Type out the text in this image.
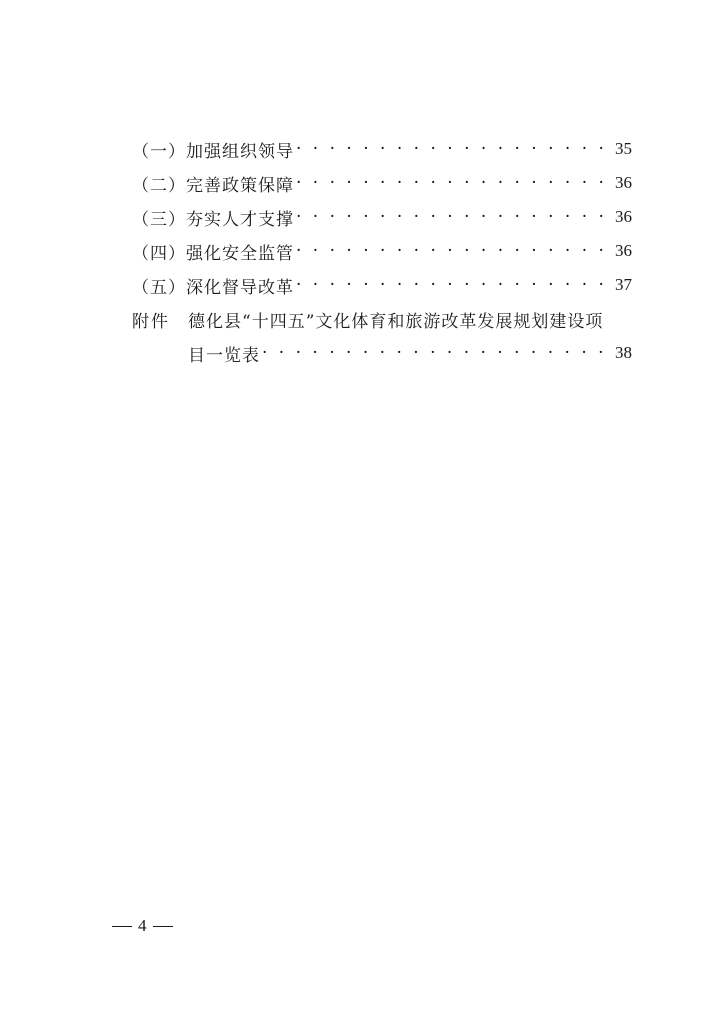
（一） 加强组织领导 · · ·	35
（二） 完善政策保障 · · ·	36
（三） 夯实人才支撑 · · ·	36
（四） 强化安全监管 · · ·	36
（五） 深化督导改革 · · ·	37
附件	德化县“十四五”文化体育和旅游改革发展规划建设项
目一览表 · · ·	38
4
